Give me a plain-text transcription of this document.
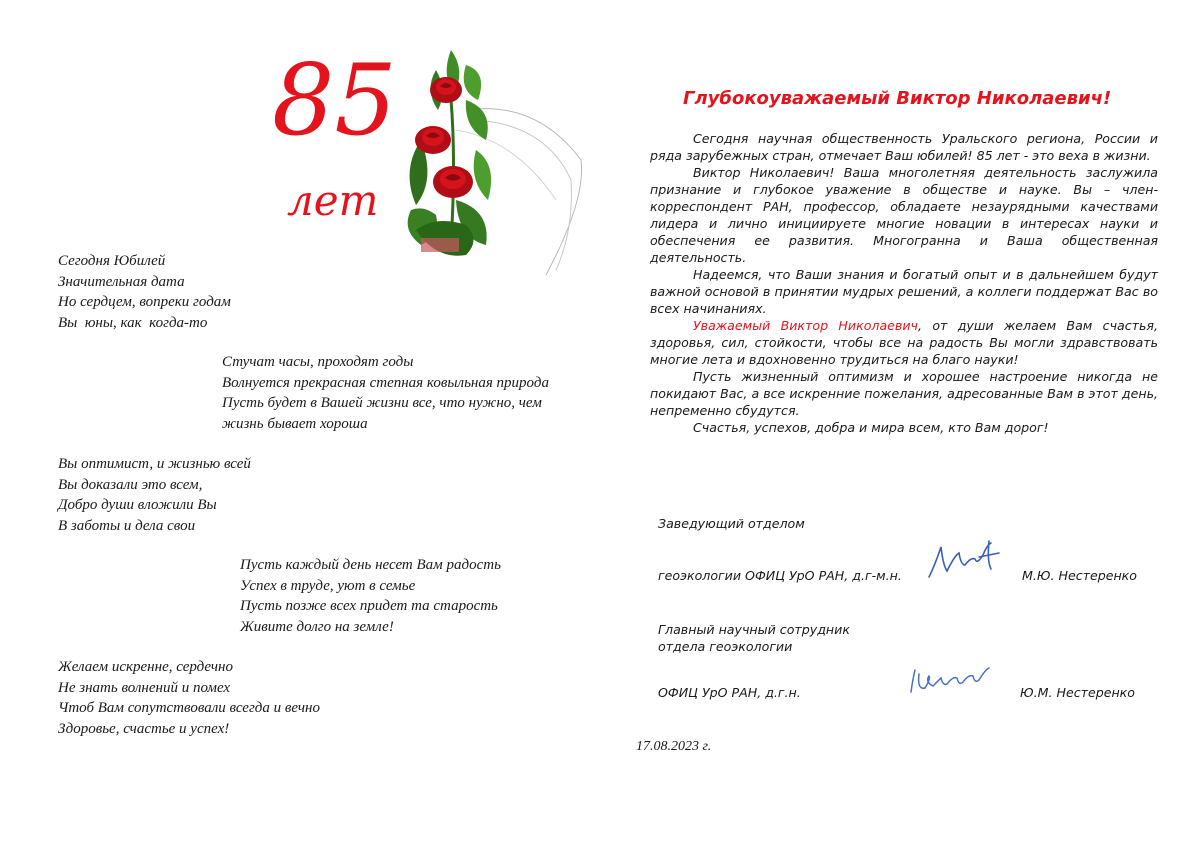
85
лет
Сегодня Юбилей
Значительная дата
Но сердцем, вопреки годам
Вы  юны, как  когда-то
Стучат часы, проходят годы
Волнуется прекрасная степная ковыльная природа
Пусть будет в Вашей жизни все, что нужно, чем
жизнь бывает хороша
Вы оптимист, и жизнью всей
Вы доказали это всем,
Добро души вложили Вы
В заботы и дела свои
Пусть каждый день несет Вам радость
Успех в труде, уют в семье
Пусть позже всех придет та старость
Живите долго на земле!
Желаем искренне, сердечно
Не знать волнений и помех
Чтоб Вам сопутствовали всегда и вечно
Здоровье, счастье и успех!
Глубокоуважаемый Виктор Николаевич!

Сегодня научная общественность Уральского региона, России и ряда зарубежных стран, отмечает Ваш юбилей! 85 лет - это веха в жизни.

Виктор Николаевич! Ваша многолетняя деятельность заслужила признание и глубокое уважение в обществе и науке. Вы – член-корреспондент РАН, профессор, обладаете незаурядными качествами лидера и лично инициируете многие новации в интересах науки и обеспечения ее развития. Многогранна и Ваша общественная деятельность.

Надеемся, что Ваши знания и богатый опыт и в дальнейшем будут важной основой в принятии мудрых решений, а коллеги поддержат Вас во всех начинаниях.

Уважаемый Виктор Николаевич, от души желаем Вам счастья, здоровья, сил, стойкости, чтобы все на радость Вы могли здравствовать многие лета и вдохновенно трудиться на благо науки!

Пусть жизненный оптимизм и хорошее настроение никогда не покидают Вас, а все искренние пожелания, адресованные Вам в этот день, непременно сбудутся.

Счастья, успехов, добра и мира всем, кто Вам дорог!

Заведующий отделом
геоэкологии ОФИЦ УрО РАН, д.г-м.н.	М.Ю. Нестеренко
Главный научный сотрудник
отдела геоэкологии
ОФИЦ УрО РАН, д.г.н.	Ю.М. Нестеренко
17.08.2023 г.
